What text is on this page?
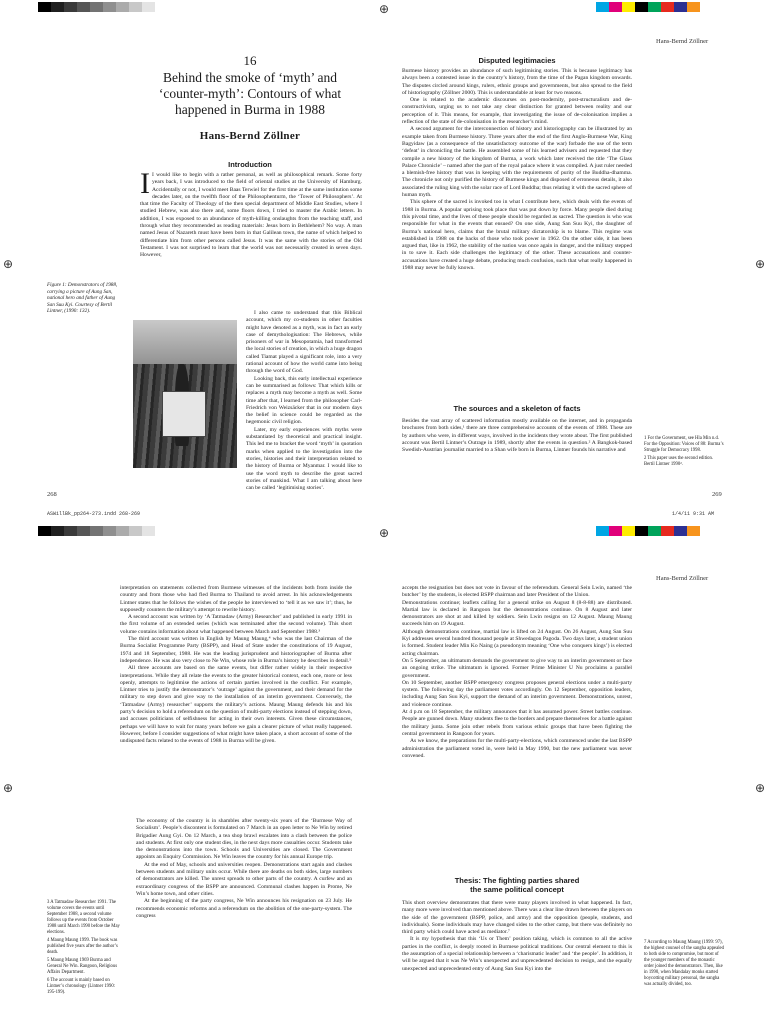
⊕
⊕	⊕
Hans-Bernd Zöllner
16
Behind the smoke of ‘myth’ and ‘counter-myth’: Contours of what happened in Burma in 1988
Hans-Bernd Zöllner
Introduction
Figure 1: Demonstrators of 1988, carrying a picture of Aung San, national hero and father of Aung San Suu Kyi. Courtesy of Bertil Lintner, (1990: 132).

I I would like to begin with a rather personal, as well as philosophical remark. Some forty years back, I was introduced to the field of oriental studies at the University of Hamburg. Accidentally or not, I would meet Baas Terwiel for the first time at the same institution some decades later, on the twelfth floor of the Philosophenturm, the ‘Tower of Philosophers’. At that time the Faculty of Theology of the then special department of Middle East Studies, where I studied Hebrew, was also there and, some floors down, I tried to master the Arabic letters. In addition, I was exposed to an abundance of myth-killing onslaughts from the teaching staff, and through what they recommended as reading materials: Jesus born in Bethlehem? No way. A man named Jesus of Nazareth must have been born in that Galilean town, the name of which helped to differentiate him from other persons called Jesus. It was the same with the stories of the Old Testament. I was not surprised to learn that the world was not necessarily created in seven days. However,

I also came to understand that this Biblical account, which my co-students in other faculties might have denoted as a myth, was in fact an early case of demythologisation: The Hebrews, while prisoners of war in Mesopotamia, had transformed the local stories of creation, in which a huge dragon called Tiamat played a significant role, into a very rational account of how the world came into being through the word of God.

Looking back, this early intellectual experience can be summarised as follows: That which kills or replaces a myth may become a myth as well. Some time after that, I learned from the philosopher Carl-Friedrich von Weizsäcker that in our modern days the belief in science could be regarded as the hegemonic civil religion.

Later, my early experiences with myths were substantiated by theoretical and practical insight. This led me to bracket the word ‘myth’ in quotation marks when applied to the investigation into the stories, histories and their interpretation related to the history of Burma or Myanmar. I would like to use the word myth to describe the great sacred stories of mankind. What I am talking about here can be called ‘legitimising stories’.

Disputed legitimacies

Burmese history provides an abundance of such legitimising stories. This is because legitimacy has always been a contested issue in the country’s history, from the time of the Pagan kingdom onwards. The disputes circled around kings, rulers, ethnic groups and governments, but also spread to the field of historiography (Zöllner 2000). This is understandable at least for two reasons.

One is related to the academic discourses on post-modernity, post-structuralism and de-constructivism, urging us to not take any clear distinction for granted between reality and our perception of it. This means, for example, that investigating the issue of de-colonisation implies a reflection of the state of de-colonisation in the researcher’s mind.

A second argument for the interconnection of history and historiography can be illustrated by an example taken from Burmese history. Three years after the end of the first Anglo-Burmese War, King Bagyidaw (as a consequence of the unsatisfactory outcome of the war) forbade the use of the term ‘defeat’ in chronicling the battle. He assembled some of his learned advisers and requested that they compile a new history of the kingdom of Burma, a work which later received the title ‘The Glass Palace Chronicle’ – named after the part of the royal palace where it was compiled. A just ruler needed a blemish-free history that was in keeping with the requirements of purity of the Buddha-dhamma. The chronicle not only purified the history of Burmese kings and disposed of erroneous details, it also associated the ruling king with the solar race of Lord Buddha; thus relating it with the sacred sphere of human myth.

This sphere of the sacred is invoked too in what I contribute here, which deals with the events of 1988 in Burma. A popular uprising took place that was put down by force. Many people died during this pivotal time, and the lives of these people should be regarded as sacred. The question is who was responsible for what in the events that ensued? On one side, Aung San Suu Kyi, the daughter of Burma’s national hero, claims that the brutal military dictatorship is to blame. This regime was established in 1988 on the backs of those who took power in 1962. On the other side, it has been argued that, like in 1962, the stability of the nation was once again in danger, and the military stepped in to save it. Each side challenges the legitimacy of the other. These accusations and counter-accusations have created a huge debate, producing much confusion, such that what really happened in 1988 may never be fully known.

The sources and a skeleton of facts

Besides the vast array of scattered information mostly available on the internet, and in propaganda brochures from both sides,¹ there are three comprehensive accounts of the events of 1988. These are by authors who were, in different ways, involved in the incidents they wrote about. The first published account was Bertil Lintner’s Outrage in 1989, shortly after the events in question.² A Bangkok-based Swedish-Austrian journalist married to a Shan wife born in Burma, Lintner founds his narrative and

1 For the Government, see Hla Min n.d. For the Opposition: Voices of 88: Burma’s Struggle for Democracy 1998.

2 This paper uses the second edition. Bertil Lintner 1990².

268	269
ASWillBk_pp264-273.indd 268-269	1/4/11 9:31 AM
⊕
⊕	⊕
Hans-Bernd Zöllner

interpretation on statements collected from Burmese witnesses of the incidents both from inside the country and from those who had fled Burma to Thailand to avoid arrest. In his acknowledgements Lintner states that he follows the wishes of the people he interviewed to ‘tell it as we saw it’; thus, he supposedly counters the military’s attempt to rewrite history.

A second account was written by ‘A Tatmadaw (Army) Researcher’ and published in early 1991 in the first volume of an extended series (which was terminated after the second volume). This short volume contains information about what happened between March and September 1988.³

The third account was written in English by Maung Maung,⁴ who was the last Chairman of the Burma Socialist Programme Party (BSPP), and Head of State under the constitutions of 19 August, 1974 and 18 September, 1988. He was the leading jurisprudent and historiographer of Burma after independence. He was also very close to Ne Win, whose role in Burma’s history he describes in detail.⁵

All three accounts are based on the same events, but differ rather widely in their respective interpretations. While they all relate the events to the greater historical context, each one, more or less openly, attempts to legitimise the actions of certain parties involved in the conflict. For example, Lintner tries to justify the demonstrator’s ‘outrage’ against the government, and their demand for the military to step down and give way to the installation of an interim government. Conversely, the ‘Tatmadaw (Army) researcher’ supports the military’s actions. Maung Maung defends his and his party’s decision to hold a referendum on the question of multi-party elections instead of stepping down, and accuses politicians of selfishness for acting in their own interests. Given these circumstances, perhaps we will have to wait for many years before we gain a clearer picture of what really happened. However, before I consider suggestions of what might have taken place, a short account of some of the undisputed facts related to the events of 1988 in Burma will be given.

The economy of the country is in shambles after twenty-six years of the ‘Burmese Way of Socialism’. People’s discontent is formulated on 7 March in an open letter to Ne Win by retired Brigadier Aung Gyi. On 12 March, a tea shop brawl escalates into a clash between the police and students. At first only one student dies, in the next days more casualties occur. Students take the demonstrations into the town. Schools and Universities are closed. The Government appoints an Enquiry Commission. Ne Win leaves the country for his annual Europe trip.

At the end of May, schools and universities reopen. Demonstrations start again and clashes between students and military units occur. While there are deaths on both sides, large numbers of demonstrators are killed. The unrest spreads to other parts of the country. A curfew and an extraordinary congress of the BSPP are announced. Communal clashes happen in Prome, Ne Win’s home town, and other cities.

At the beginning of the party congress, Ne Win announces his resignation on 23 July. He recommends economic reforms and a referendum on the abolition of the one-party-system. The congress

3 A Tatmadaw Researcher 1991. The volume covers the events until September 1988, a second volume follows up the events from October 1988 until March 1990 before the May elections.

4 Maung Maung 1999. The book was published five years after the author’s death.

5 Maung Maung 1969 Burma and General Ne Win. Rangoon, Religious Affairs Department.

6 The account is mainly based on Lintner’s chronology (Lintner 1990: 195-199).

accepts the resignation but does not vote in favour of the referendum. General Sein Lwin, named ‘the butcher’ by the students, is elected BSPP chairman and later President of the Union.

Demonstrations continue; leaflets calling for a general strike on August 8 (8-8-88) are distributed. Martial law is declared in Rangoon but the demonstrations continue. On 8 August and later demonstrators are shot at and killed by soldiers. Sein Lwin resigns on 12 August. Maung Maung succeeds him on 19 August.

Although demonstrations continue, martial law is lifted on 24 August. On 26 August, Aung San Suu Kyi addresses several hundred thousand people at Shwedagon Pagoda. Two days later, a student union is formed. Student leader Min Ko Naing (a pseudonym meaning ‘One who conquers kings’) is elected acting chairman.

On 5 September, an ultimatum demands the government to give way to an interim government or face an ongoing strike. The ultimatum is ignored. Former Prime Minister U Nu proclaims a parallel government.

On 10 September, another BSPP emergency congress proposes general elections under a multi-party system. The following day the parliament votes accordingly. On 12 September, opposition leaders, including Aung San Suu Kyi, support the demand of an interim government. Demonstrations, unrest, and violence continue.

At 4 p.m on 18 September, the military announces that it has assumed power. Street battles continue. People are gunned down. Many students flee to the borders and prepare themselves for a battle against the military junta. Some join other rebels from various ethnic groups that have been fighting the central government in Rangoon for years.

As we know, the preparations for the multi-party-elections, which commenced under the last BSPP administration the parliament voted in, were held in May 1990, but the new parliament was never convened.

Thesis: The fighting parties shared the same political concept

This short overview demonstrates that there were many players involved in what happened. In fact, many more were involved than mentioned above. There was a clear line drawn between the players on the side of the government (BSPP, police, and army) and the opposition (people, students, and individuals). Some individuals may have changed sides to the other camp, but there was definitely no third party which could have acted as mediator.⁷

It is my hypothesis that this ‘Us or Them’ position taking, which is common to all the active parties in the conflict, is deeply rooted in Burmese political traditions. Our central element to this is the assumption of a special relationship between a ‘charismatic leader’ and ‘the people’. In addition, it will be argued that it was Ne Win’s unexpected and unprecedented decision to resign, and the equally unexpected and unprecedented entry of Aung San Suu Kyi into the

7 According to Maung Maung (1999: 97), the highest counsel of the sangha appealed to both side to compromise, but most of the younger members of the monastic order joined the demonstrators. Then, like in 1990, when Mandalay monks started boycotting military personal, the sangha was actually divided, too.
